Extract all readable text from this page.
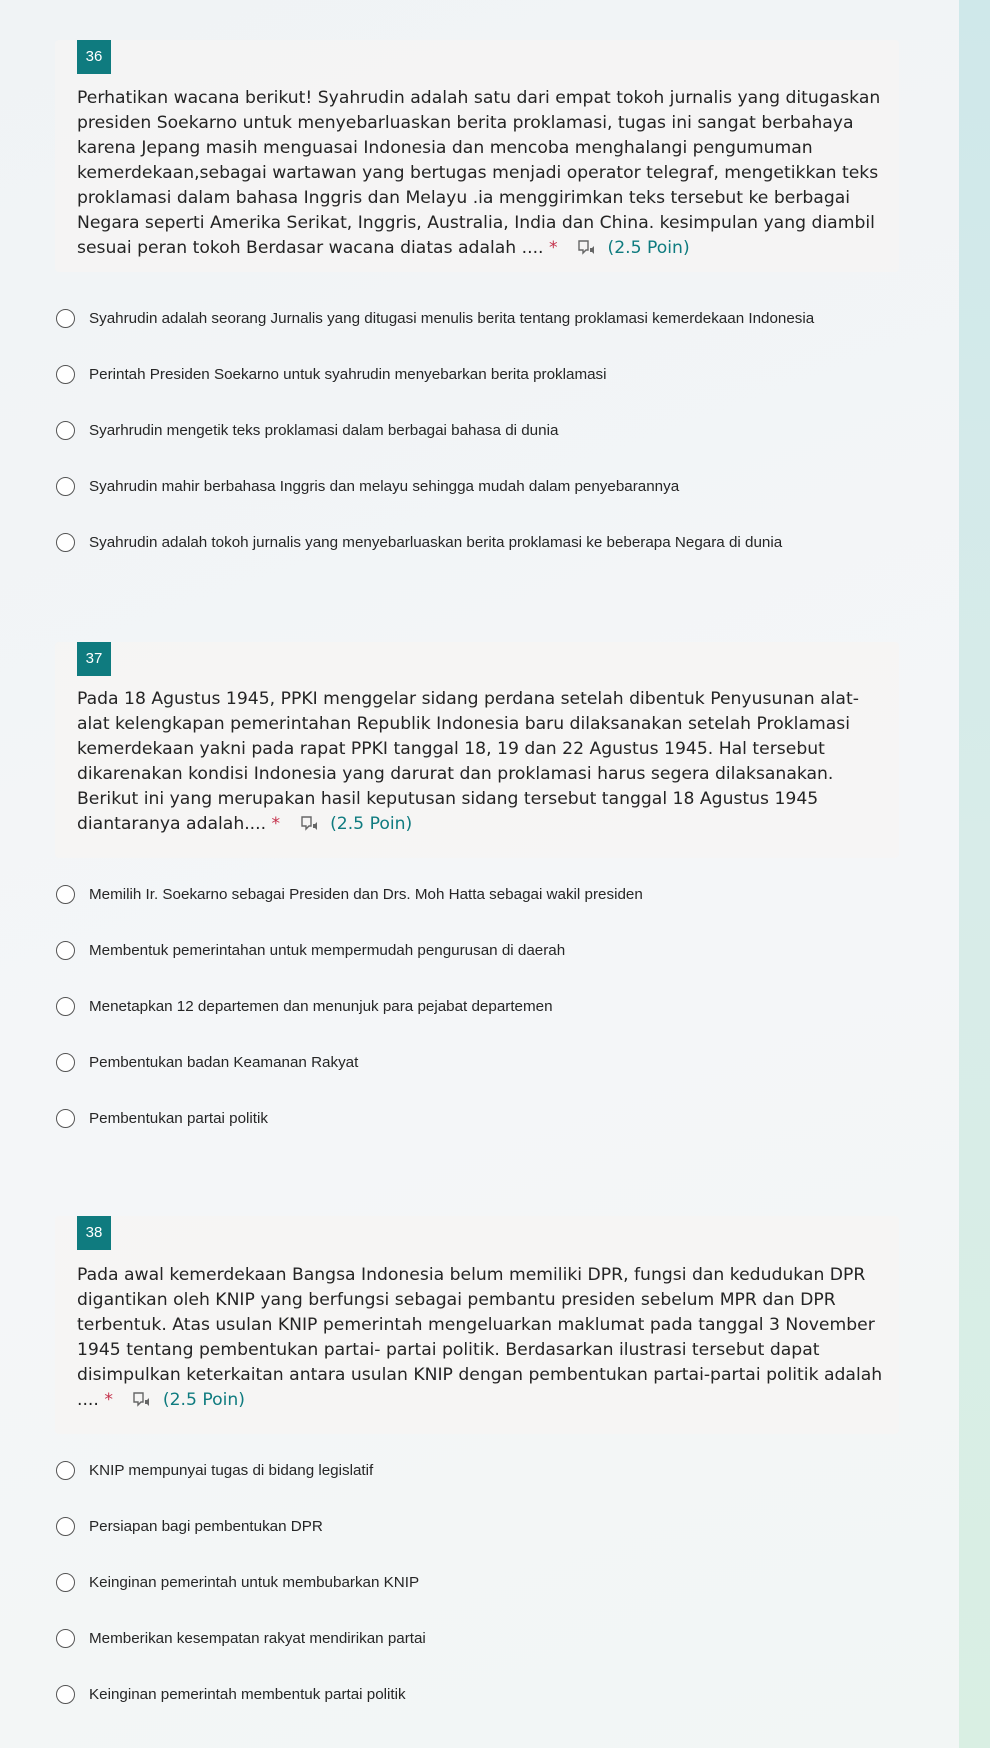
36
Perhatikan wacana berikut! Syahrudin adalah satu dari empat tokoh jurnalis yang ditugaskan presiden Soekarno untuk menyebarluaskan berita proklamasi, tugas ini sangat berbahaya karena Jepang masih menguasai Indonesia dan mencoba menghalangi pengumuman kemerdekaan,sebagai wartawan yang bertugas menjadi operator telegraf, mengetikkan teks proklamasi dalam bahasa Inggris dan Melayu .ia menggirimkan teks tersebut ke berbagai Negara seperti Amerika Serikat, Inggris, Australia, India dan China. kesimpulan yang diambil sesuai peran tokoh Berdasar wacana diatas adalah .... *	(2.5 Poin)
Syahrudin adalah seorang Jurnalis yang ditugasi menulis berita tentang proklamasi kemerdekaan Indonesia
Perintah Presiden Soekarno untuk syahrudin menyebarkan berita proklamasi
Syarhrudin mengetik teks proklamasi dalam berbagai bahasa di dunia
Syahrudin mahir berbahasa Inggris dan melayu sehingga mudah dalam penyebarannya
Syahrudin adalah tokoh jurnalis yang menyebarluaskan berita proklamasi ke beberapa Negara di dunia
37
Pada 18 Agustus 1945, PPKI menggelar sidang perdana setelah dibentuk Penyusunan alat-alat kelengkapan pemerintahan Republik Indonesia baru dilaksanakan setelah Proklamasi kemerdekaan yakni pada rapat PPKI tanggal 18, 19 dan 22 Agustus 1945. Hal tersebut dikarenakan kondisi Indonesia yang darurat dan proklamasi harus segera dilaksanakan. Berikut ini yang merupakan hasil keputusan sidang tersebut tanggal 18 Agustus 1945 diantaranya adalah.... *	(2.5 Poin)
Memilih Ir. Soekarno sebagai Presiden dan Drs. Moh Hatta sebagai wakil presiden
Membentuk pemerintahan untuk mempermudah pengurusan di daerah
Menetapkan 12 departemen dan menunjuk para pejabat departemen
Pembentukan badan Keamanan Rakyat
Pembentukan partai politik
38
Pada awal kemerdekaan Bangsa Indonesia belum memiliki DPR, fungsi dan kedudukan DPR digantikan oleh KNIP yang berfungsi sebagai pembantu presiden sebelum MPR dan DPR terbentuk. Atas usulan KNIP pemerintah mengeluarkan maklumat pada tanggal 3 November 1945 tentang pembentukan partai- partai politik. Berdasarkan ilustrasi tersebut dapat disimpulkan keterkaitan antara usulan KNIP dengan pembentukan partai-partai politik adalah .... *	(2.5 Poin)
KNIP mempunyai tugas di bidang legislatif
Persiapan bagi pembentukan DPR
Keinginan pemerintah untuk membubarkan KNIP
Memberikan kesempatan rakyat mendirikan partai
Keinginan pemerintah membentuk partai politik
